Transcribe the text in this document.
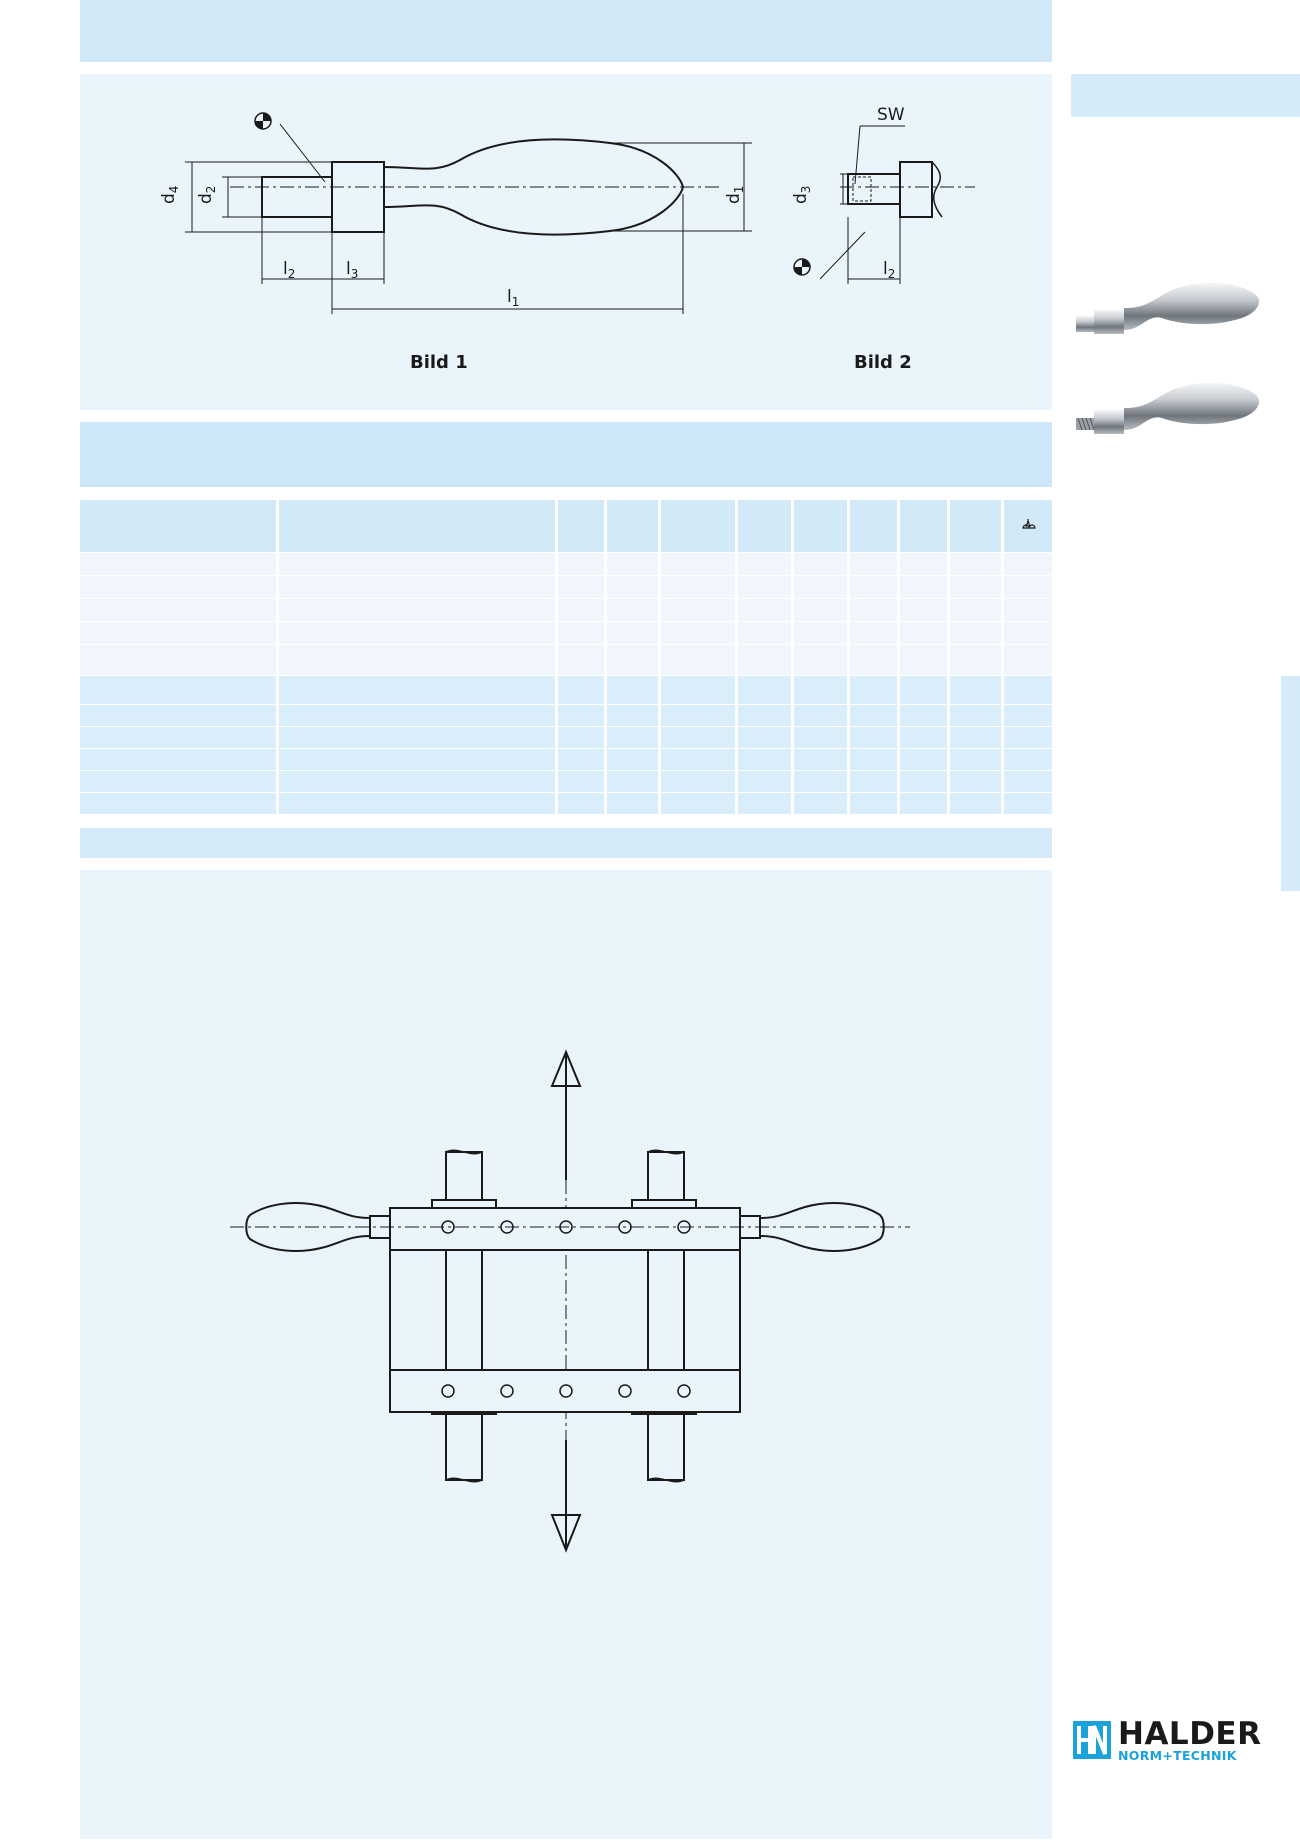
$d_4$
$d_2$
$d_1$
$d_3$
$l_2$	$l_3$
$l_1$
$l_2$
SW
Bild 1	Bild 2

HALDER
NORM+TECHNIK
